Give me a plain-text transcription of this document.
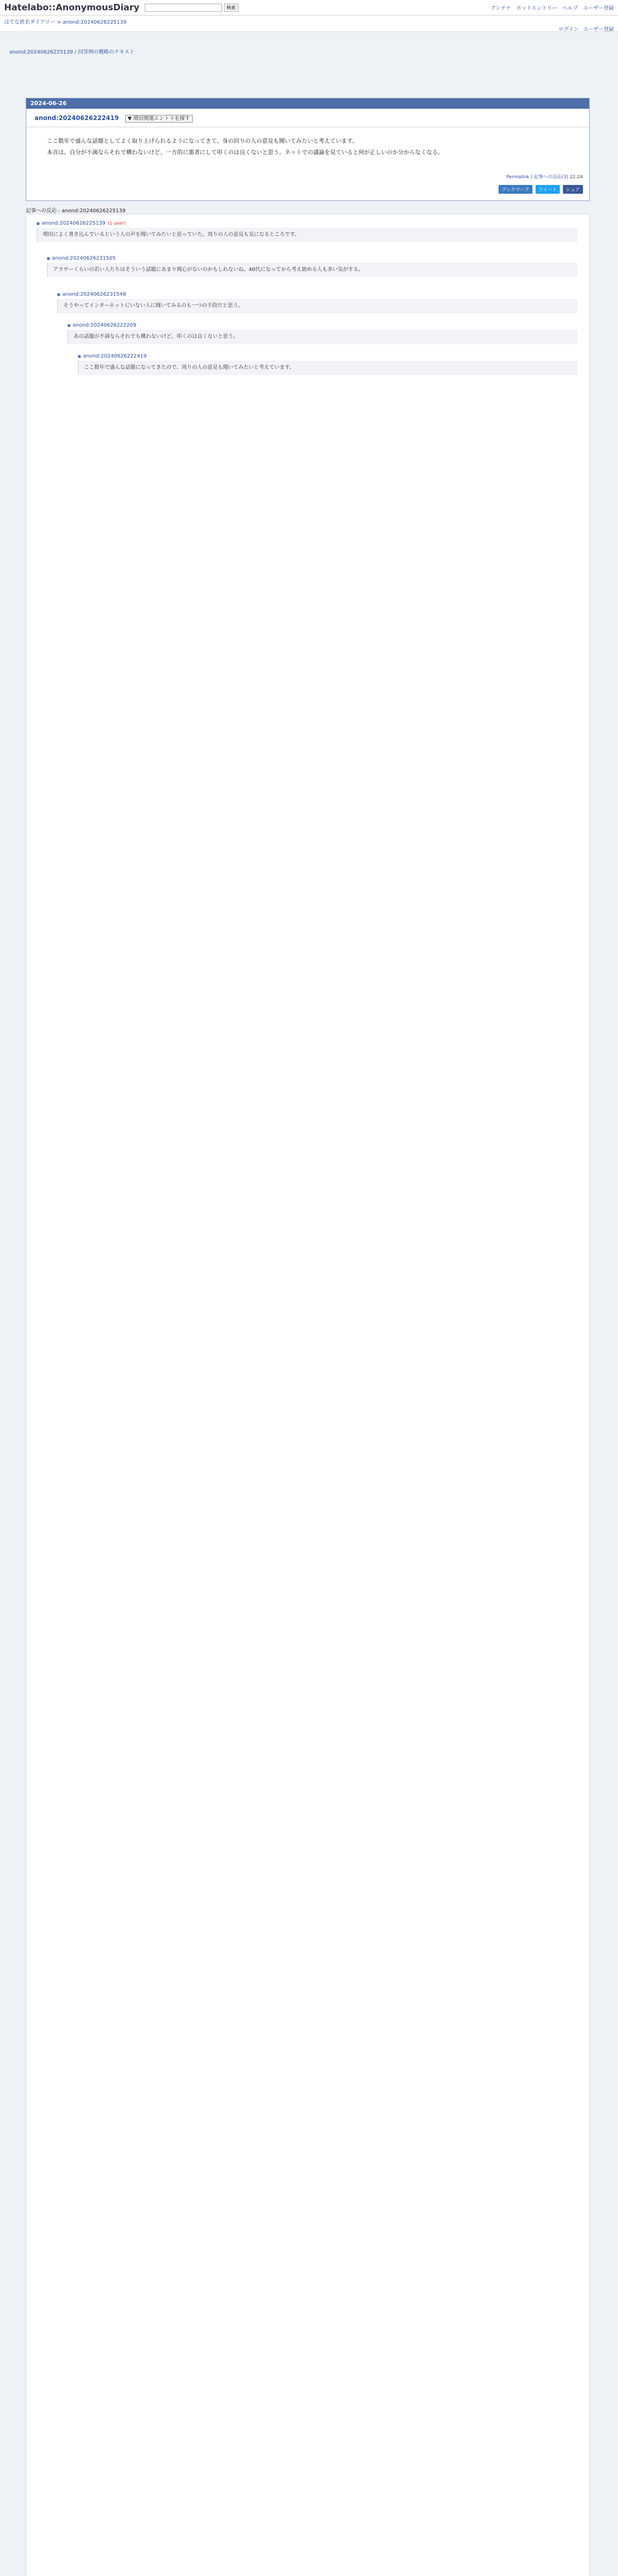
Hatelabo::AnonymousDiary	検索	アンテナ ホットエントリー ヘルプ ユーザー登録
はてな匿名ダイアリー > anond:20240626225139
ログイン ユーザー登録
anond:20240626225139 / 回答例の概略のテキスト
2024-06-26
anond:20240626222419 ▼ 増田関連エントリを探す

ここ数年で盛んな話題としてよく取り上げられるようになってきて、身の回りの人の意見も聞いてみたいと考えています。

本音は、自分が不満ならそれで構わないけど、一方的に悪者にして叩くのは良くないと思う。ネットでの議論を見ていると何が正しいのか分からなくなる。

Permalink | 記事への反応(3) 22:24
ブックマーク	ツイート	シェア
記事への反応 - anond:20240626225139
anond:20240626225139 (1 user)
増田によく書き込んでいるという人の声を聞いてみたいと思っていた。周りの人の意見も気になるところです。
anond:20240626231505
アラサーくらいの若い人たちはそういう話題にあまり関心がないのかもしれないね。40代になってから考え始める人も多い気がする。
anond:20240626231548
そうやってインターネットにいない人に聞いてみるのも一つの手段だと思う。
anond:20240626222209
あの話題が不満ならそれでも構わないけど、叩くのは良くないと思う。
anond:20240626222419
ここ数年で盛んな話題になってきたので、周りの人の意見も聞いてみたいと考えています。
